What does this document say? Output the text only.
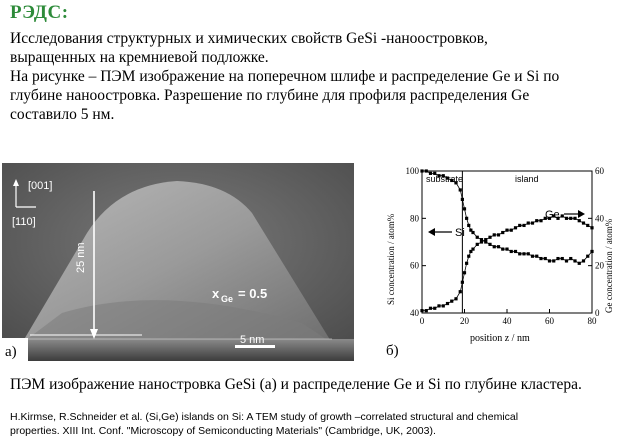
РЭДС:
Исследования структурных и химических свойств GeSi -наноостровков,
выращенных на кремниевой подложке.
На рисунке – ПЭМ изображение на поперечном шлифе и распределение Ge и Si по
глубине наноостровка. Разрешение по глубине для профиля распределения Ge
составило 5 нм.
[001]
[110]
25 nm
x Ge = 0.5
5 nm
а)
0	20	40	60	80
40
60
80
100
0
20
40
60
substrate	island
Si
Ge
Si concentration / atom%	Ge concentration / atom%
position z / nm
б)
ПЭМ изображение наностровка GeSi (а) и распределение Ge и Si по глубине кластера.
H.Kirmse, R.Schneider et al. (Si,Ge) islands on Si: A TEM study of growth –correlated structural and chemical
properties. XIII Int. Conf. "Microscopy of Semiconducting Materials" (Cambridge, UK, 2003).
